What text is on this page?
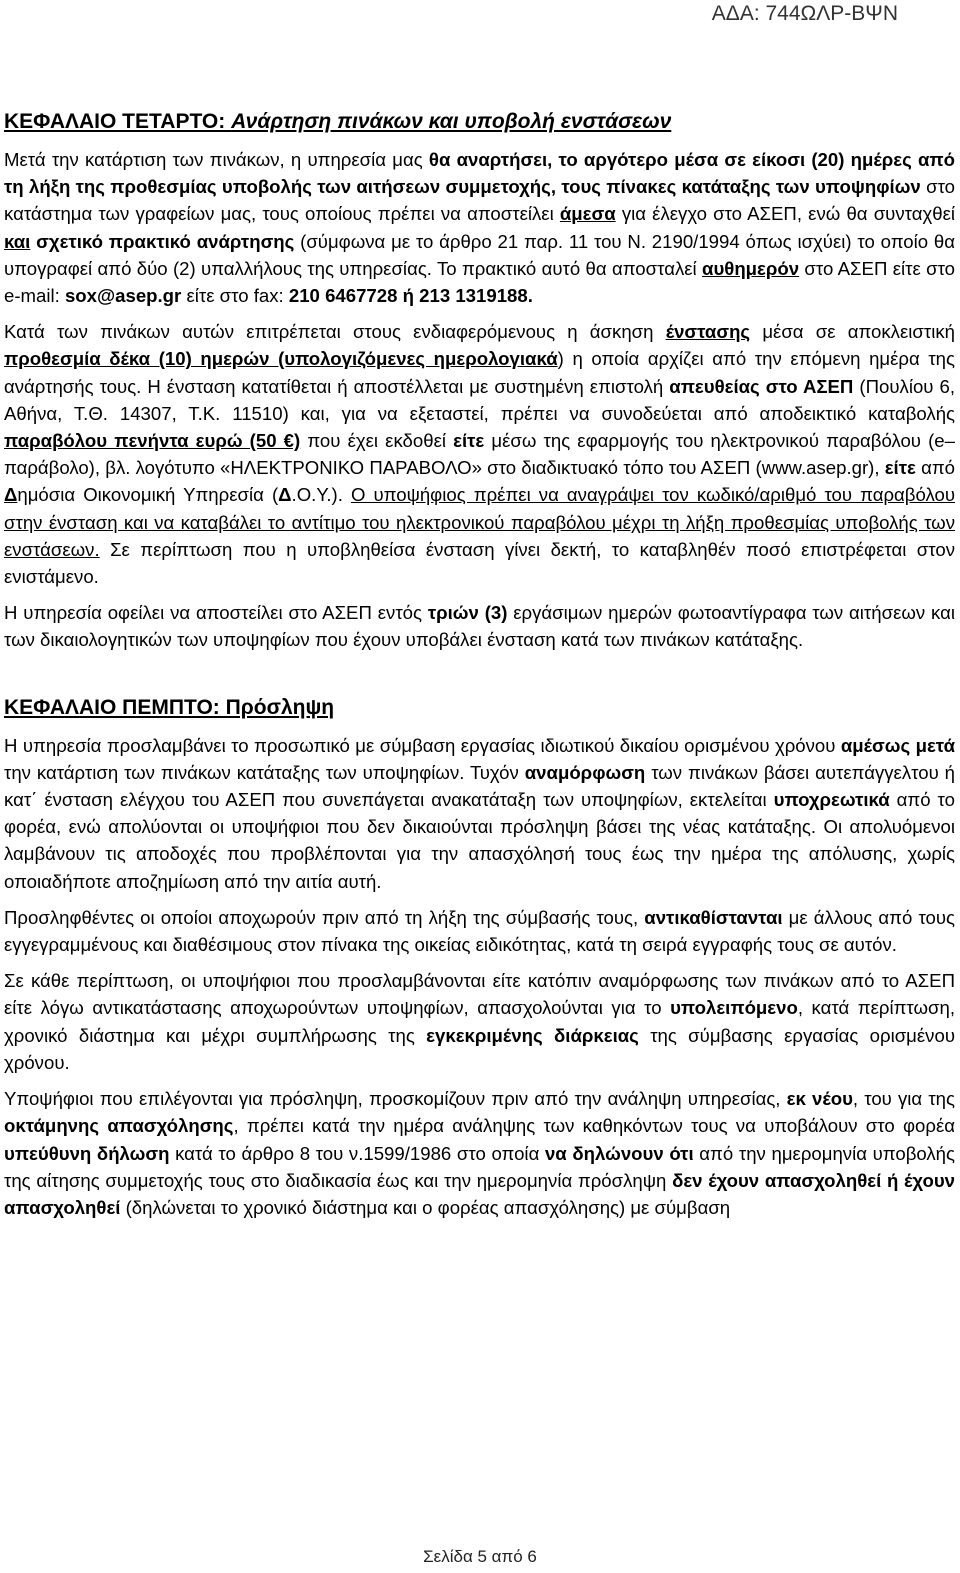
ΑΔΑ: 744ΩΛΡ-ΒΨΝ
ΚΕΦΑΛΑΙΟ ΤΕΤΑΡΤΟ: Ανάρτηση πινάκων και υποβολή ενστάσεων

Μετά την κατάρτιση των πινάκων, η υπηρεσία μας θα αναρτήσει, το αργότερο μέσα σε είκοσι (20) ημέρες από τη λήξη της προθεσμίας υποβολής των αιτήσεων συμμετοχής, τους πίνακες κατάταξης των υποψηφίων στο κατάστημα των γραφείων μας, τους οποίους πρέπει να αποστείλει άμεσα για έλεγχο στο ΑΣΕΠ, ενώ θα συνταχθεί και σχετικό πρακτικό ανάρτησης (σύμφωνα με το άρθρο 21 παρ. 11 του Ν. 2190/1994 όπως ισχύει) το οποίο θα υπογραφεί από δύο (2) υπαλλήλους της υπηρεσίας. Το πρακτικό αυτό θα αποσταλεί αυθημερόν στο ΑΣΕΠ είτε στο e-mail: sox@asep.gr είτε στο fax: 210 6467728 ή 213 1319188.

Κατά των πινάκων αυτών επιτρέπεται στους ενδιαφερόμενους η άσκηση ένστασης μέσα σε αποκλειστική προθεσμία δέκα (10) ημερών (υπολογιζόμενες ημερολογιακά) η οποία αρχίζει από την επόμενη ημέρα της ανάρτησής τους. Η ένσταση κατατίθεται ή αποστέλλεται με συστημένη επιστολή απευθείας στο ΑΣΕΠ (Πουλίου 6, Αθήνα, Τ.Θ. 14307, Τ.Κ. 11510) και, για να εξεταστεί, πρέπει να συνοδεύεται από αποδεικτικό καταβολής παραβόλου πενήντα ευρώ (50 €) που έχει εκδοθεί είτε μέσω της εφαρμογής του ηλεκτρονικού παραβόλου (e– παράβολο), βλ. λογότυπο «ΗΛΕΚΤΡΟΝΙΚΟ ΠΑΡΑΒΟΛΟ» στο διαδικτυακό τόπο του ΑΣΕΠ (www.asep.gr), είτε από Δημόσια Οικονομική Υπηρεσία (Δ.Ο.Υ.). Ο υποψήφιος πρέπει να αναγράψει τον κωδικό/αριθμό του παραβόλου στην ένσταση και να καταβάλει το αντίτιμο του ηλεκτρονικού παραβόλου μέχρι τη λήξη προθεσμίας υποβολής των ενστάσεων. Σε περίπτωση που η υποβληθείσα ένσταση γίνει δεκτή, το καταβληθέν ποσό επιστρέφεται στον ενιστάμενο.

Η υπηρεσία οφείλει να αποστείλει στο ΑΣΕΠ εντός τριών (3) εργάσιμων ημερών φωτοαντίγραφα των αιτήσεων και των δικαιολογητικών των υποψηφίων που έχουν υποβάλει ένσταση κατά των πινάκων κατάταξης.

ΚΕΦΑΛΑΙΟ ΠΕΜΠΤΟ: Πρόσληψη

Η υπηρεσία προσλαμβάνει το προσωπικό με σύμβαση εργασίας ιδιωτικού δικαίου ορισμένου χρόνου αμέσως μετά την κατάρτιση των πινάκων κατάταξης των υποψηφίων. Τυχόν αναμόρφωση των πινάκων βάσει αυτεπάγγελτου ή κατ΄ ένσταση ελέγχου του ΑΣΕΠ που συνεπάγεται ανακατάταξη των υποψηφίων, εκτελείται υποχρεωτικά από το φορέα, ενώ απολύονται οι υποψήφιοι που δεν δικαιούνται πρόσληψη βάσει της νέας κατάταξης. Οι απολυόμενοι λαμβάνουν τις αποδοχές που προβλέπονται για την απασχόλησή τους έως την ημέρα της απόλυσης, χωρίς οποιαδήποτε αποζημίωση από την αιτία αυτή.

Προσληφθέντες οι οποίοι αποχωρούν πριν από τη λήξη της σύμβασής τους, αντικαθίστανται με άλλους από τους εγγεγραμμένους και διαθέσιμους στον πίνακα της οικείας ειδικότητας, κατά τη σειρά εγγραφής τους σε αυτόν.

Σε κάθε περίπτωση, οι υποψήφιοι που προσλαμβάνονται είτε κατόπιν αναμόρφωσης των πινάκων από το ΑΣΕΠ είτε λόγω αντικατάστασης αποχωρούντων υποψηφίων, απασχολούνται για το υπολειπόμενο, κατά περίπτωση, χρονικό διάστημα και μέχρι συμπλήρωσης της εγκεκριμένης διάρκειας της σύμβασης εργασίας ορισμένου χρόνου.

Υποψήφιοι που επιλέγονται για πρόσληψη, προσκομίζουν πριν από την ανάληψη υπηρεσίας, εκ νέου, του για της οκτάμηνης απασχόλησης, πρέπει κατά την ημέρα ανάληψης των καθηκόντων τους να υποβάλουν στο φορέα υπεύθυνη δήλωση κατά το άρθρο 8 του ν.1599/1986 στο οποία να δηλώνουν ότι από την ημερομηνία υποβολής της αίτησης συμμετοχής τους στο διαδικασία έως και την ημερομηνία πρόσληψη δεν έχουν απασχοληθεί ή έχουν απασχοληθεί (δηλώνεται το χρονικό διάστημα και ο φορέας απασχόλησης) με σύμβαση

Σελίδα 5 από 6
